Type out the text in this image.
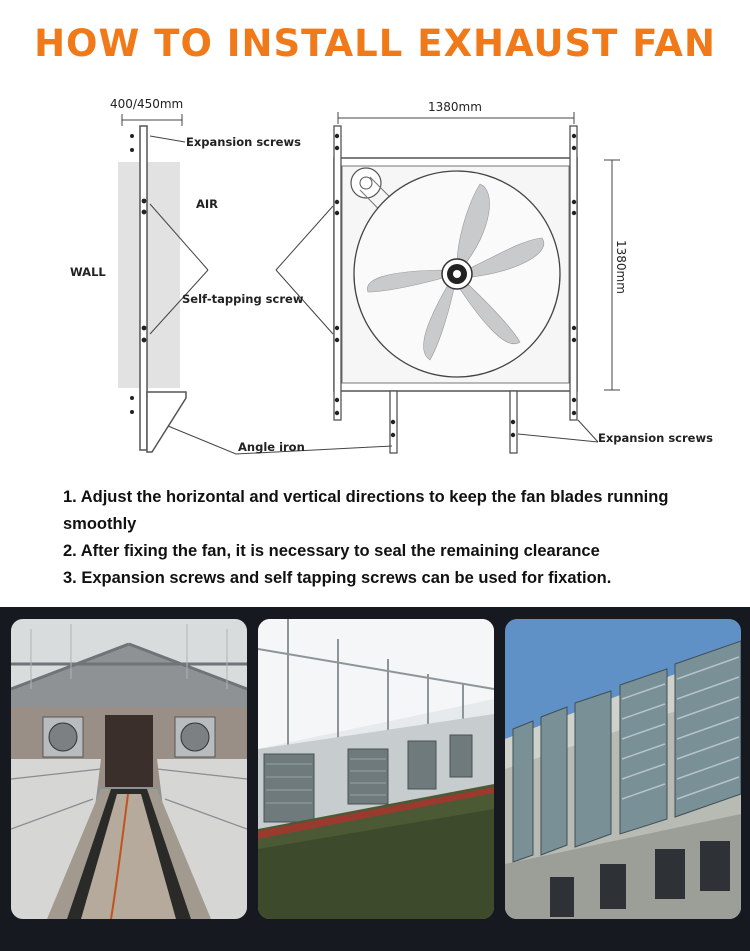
HOW TO INSTALL EXHAUST FAN
400/450mm
Expansion screws
AIR
WALL
1380mm
1380mm
Self-tapping screw
Angle iron
Expansion screws
1. Adjust the horizontal and vertical directions to keep the fan blades running smoothly
2. After fixing the fan, it is necessary to seal the remaining clearance
3. Expansion screws and self tapping screws can be used for fixation.
